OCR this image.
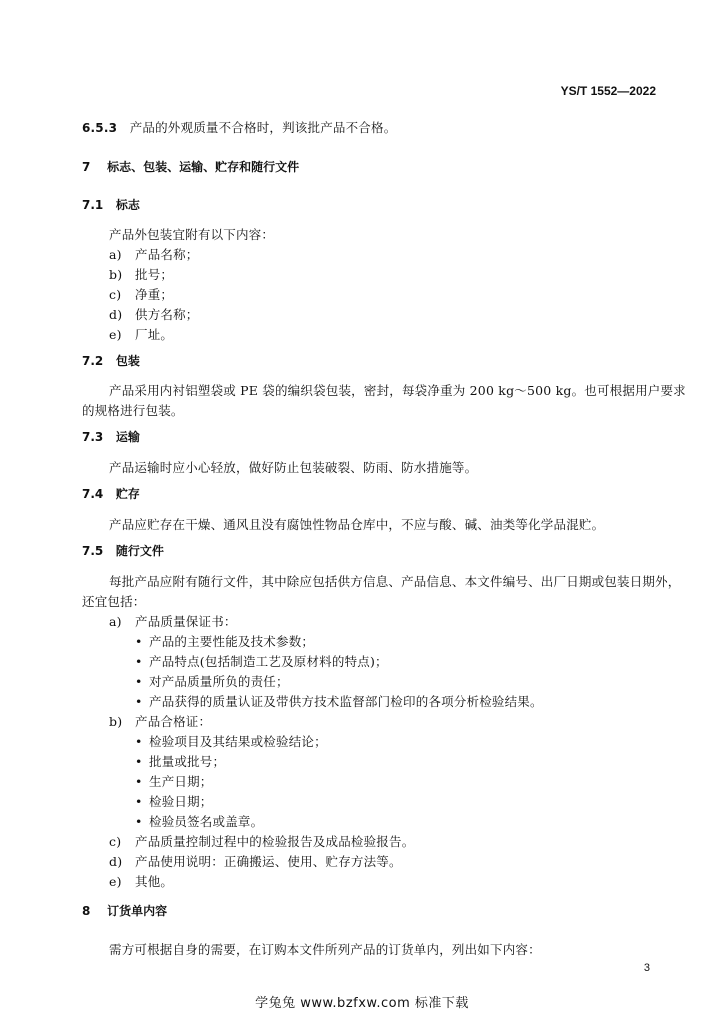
YS/T 1552—2022
6.5.3 产品的外观质量不合格时，判该批产品不合格。
7 标志、包装、运输、贮存和随行文件
7.1 标志
产品外包装宜附有以下内容：
a) 产品名称；
b) 批号；
c) 净重；
d) 供方名称；
e) 厂址。
7.2 包装
产品采用内衬铝塑袋或 PE 袋的编织袋包装，密封，每袋净重为 200 kg～500 kg。也可根据用户要求
的规格进行包装。
7.3 运输
产品运输时应小心轻放，做好防止包装破裂、防雨、防水措施等。
7.4 贮存
产品应贮存在干燥、通风且没有腐蚀性物品仓库中，不应与酸、碱、油类等化学品混贮。
7.5 随行文件
每批产品应附有随行文件，其中除应包括供方信息、产品信息、本文件编号、出厂日期或包装日期外，
还宜包括：
a) 产品质量保证书：
• 产品的主要性能及技术参数；
• 产品特点(包括制造工艺及原材料的特点)；
• 对产品质量所负的责任；
• 产品获得的质量认证及带供方技术监督部门检印的各项分析检验结果。
b) 产品合格证：
• 检验项目及其结果或检验结论；
• 批量或批号；
• 生产日期；
• 检验日期；
• 检验员签名或盖章。
c) 产品质量控制过程中的检验报告及成品检验报告。
d) 产品使用说明：正确搬运、使用、贮存方法等。
e) 其他。
8 订货单内容
需方可根据自身的需要，在订购本文件所列产品的订货单内，列出如下内容：
3
学兔兔 www.bzfxw.com 标准下载
